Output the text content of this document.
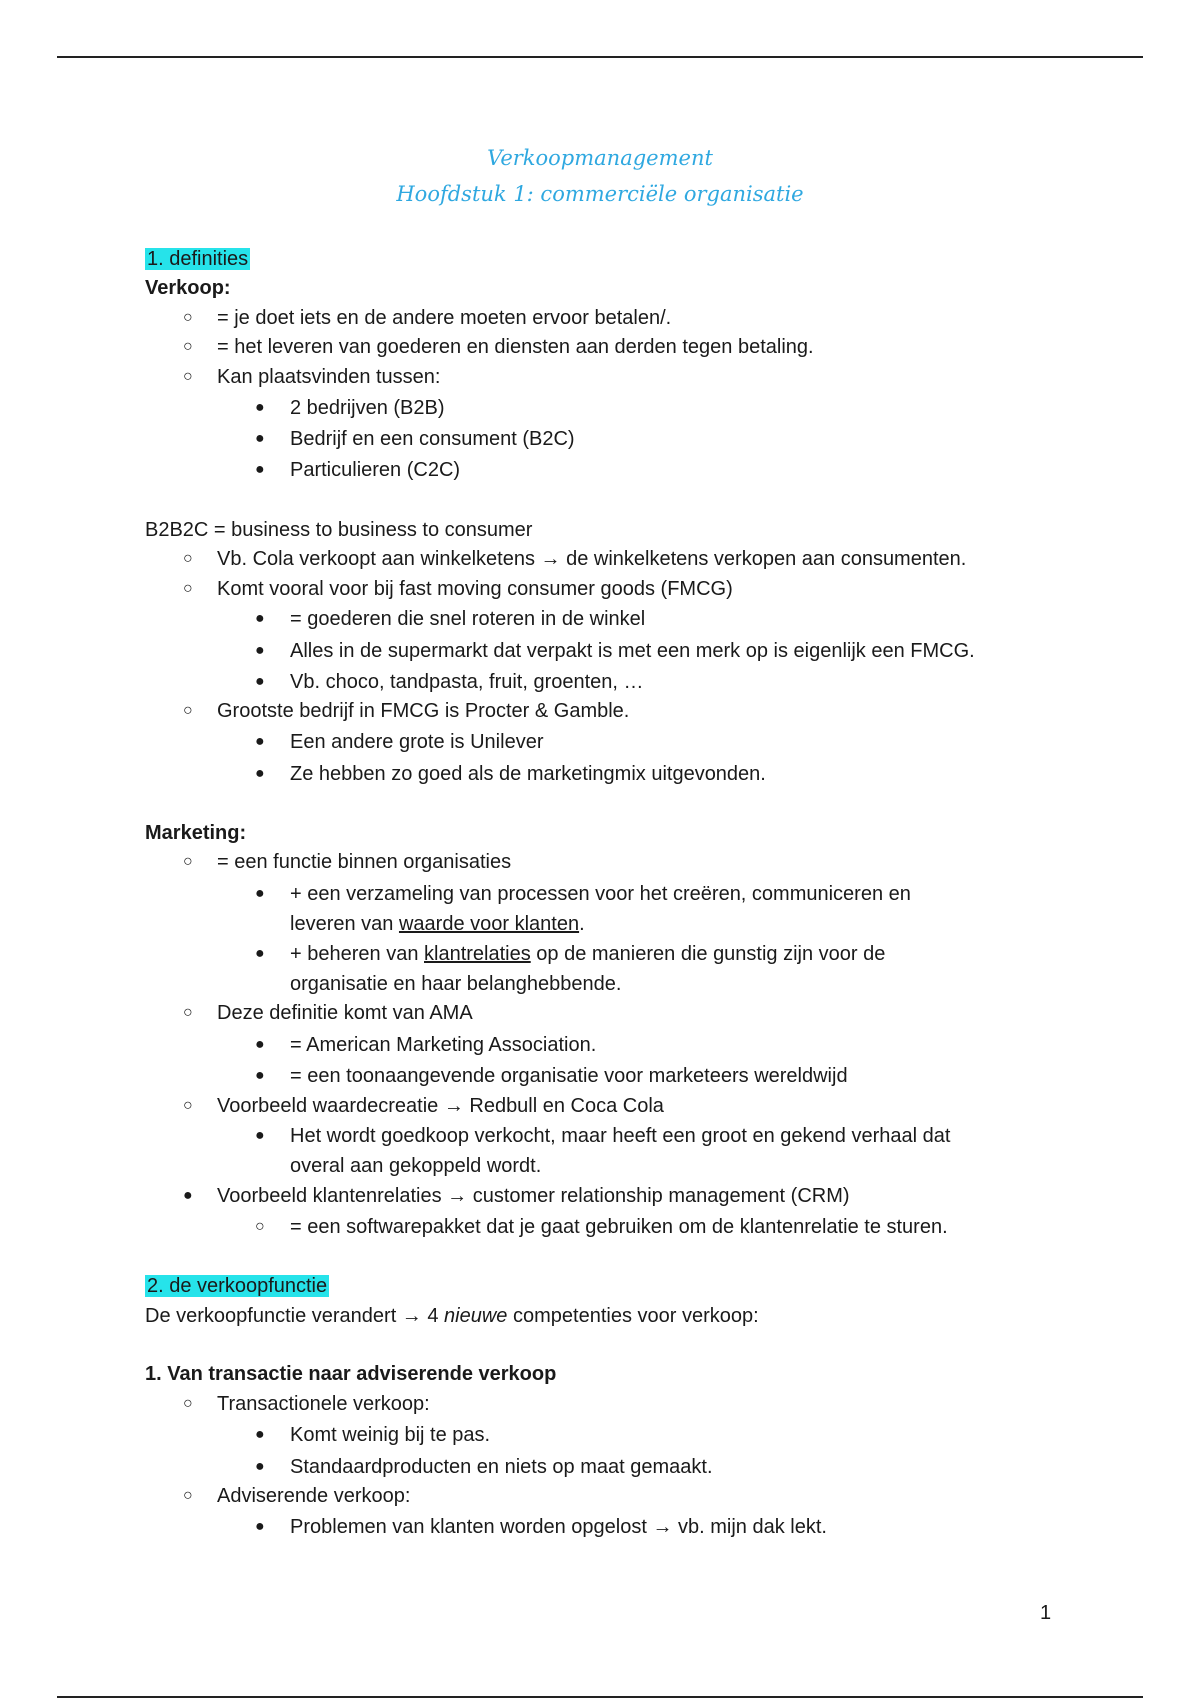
Verkoopmanagement
Hoofdstuk 1: commerciële organisatie
1. definities
Verkoop:
○ = je doet iets en de andere moeten ervoor betalen/.
○ = het leveren van goederen en diensten aan derden tegen betaling.
○ Kan plaatsvinden tussen:
● 2 bedrijven (B2B)
● Bedrijf en een consument (B2C)
● Particulieren (C2C)
B2B2C = business to business to consumer
○ Vb. Cola verkoopt aan winkelketens → de winkelketens verkopen aan consumenten.
○ Komt vooral voor bij fast moving consumer goods (FMCG)
● = goederen die snel roteren in de winkel
● Alles in de supermarkt dat verpakt is met een merk op is eigenlijk een FMCG.
● Vb. choco, tandpasta, fruit, groenten, …
○ Grootste bedrijf in FMCG is Procter & Gamble.
● Een andere grote is Unilever
● Ze hebben zo goed als de marketingmix uitgevonden.
Marketing:
○ = een functie binnen organisaties
● + een verzameling van processen voor het creëren, communiceren en
leveren van waarde voor klanten.
● + beheren van klantrelaties op de manieren die gunstig zijn voor de
organisatie en haar belanghebbende.
○ Deze definitie komt van AMA
● = American Marketing Association.
● = een toonaangevende organisatie voor marketeers wereldwijd
○ Voorbeeld waardecreatie → Redbull en Coca Cola
● Het wordt goedkoop verkocht, maar heeft een groot en gekend verhaal dat
overal aan gekoppeld wordt.
● Voorbeeld klantenrelaties → customer relationship management (CRM)
○ = een softwarepakket dat je gaat gebruiken om de klantenrelatie te sturen.
2. de verkoopfunctie
De verkoopfunctie verandert → 4 nieuwe competenties voor verkoop:
1. Van transactie naar adviserende verkoop
○ Transactionele verkoop:
● Komt weinig bij te pas.
● Standaardproducten en niets op maat gemaakt.
○ Adviserende verkoop:
● Problemen van klanten worden opgelost → vb. mijn dak lekt.
1
